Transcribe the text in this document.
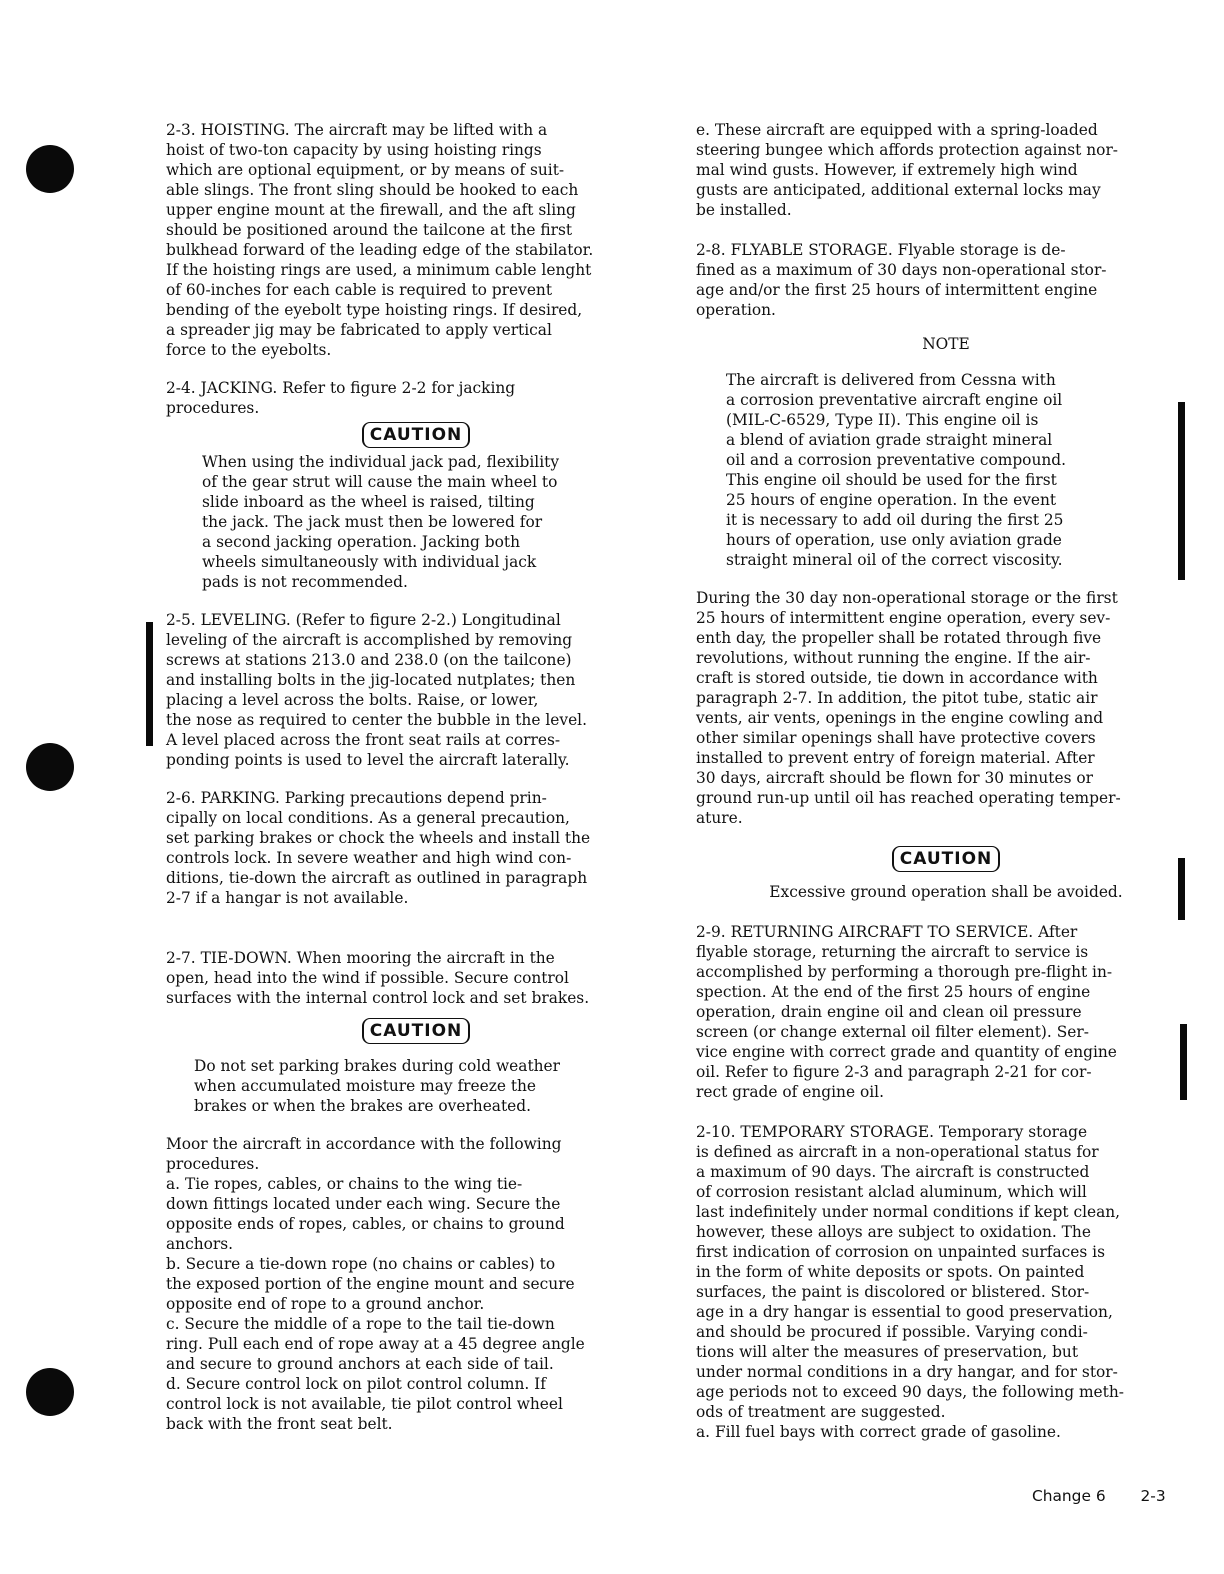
2-3. HOISTING. The aircraft may be lifted with a

hoist of two-ton capacity by using hoisting rings

which are optional equipment, or by means of suit-

able slings. The front sling should be hooked to each

upper engine mount at the firewall, and the aft sling

should be positioned around the tailcone at the first

bulkhead forward of the leading edge of the stabilator.

If the hoisting rings are used, a minimum cable lenght

of 60-inches for each cable is required to prevent

bending of the eyebolt type hoisting rings. If desired,

a spreader jig may be fabricated to apply vertical

force to the eyebolts.

2-4. JACKING. Refer to figure 2-2 for jacking

procedures.

CAUTION

When using the individual jack pad, flexibility

of the gear strut will cause the main wheel to

slide inboard as the wheel is raised, tilting

the jack. The jack must then be lowered for

a second jacking operation. Jacking both

wheels simultaneously with individual jack

pads is not recommended.

2-5. LEVELING. (Refer to figure 2-2.) Longitudinal

leveling of the aircraft is accomplished by removing

screws at stations 213.0 and 238.0 (on the tailcone)

and installing bolts in the jig-located nutplates; then

placing a level across the bolts. Raise, or lower,

the nose as required to center the bubble in the level.

A level placed across the front seat rails at corres-

ponding points is used to level the aircraft laterally.

2-6. PARKING. Parking precautions depend prin-

cipally on local conditions. As a general precaution,

set parking brakes or chock the wheels and install the

controls lock. In severe weather and high wind con-

ditions, tie-down the aircraft as outlined in paragraph

2-7 if a hangar is not available.

2-7. TIE-DOWN. When mooring the aircraft in the

open, head into the wind if possible. Secure control

surfaces with the internal control lock and set brakes.

CAUTION

Do not set parking brakes during cold weather

when accumulated moisture may freeze the

brakes or when the brakes are overheated.

Moor the aircraft in accordance with the following

procedures.

a. Tie ropes, cables, or chains to the wing tie-

down fittings located under each wing. Secure the

opposite ends of ropes, cables, or chains to ground

anchors.

b. Secure a tie-down rope (no chains or cables) to

the exposed portion of the engine mount and secure

opposite end of rope to a ground anchor.

c. Secure the middle of a rope to the tail tie-down

ring. Pull each end of rope away at a 45 degree angle

and secure to ground anchors at each side of tail.

d. Secure control lock on pilot control column. If

control lock is not available, tie pilot control wheel

back with the front seat belt.

e. These aircraft are equipped with a spring-loaded

steering bungee which affords protection against nor-

mal wind gusts. However, if extremely high wind

gusts are anticipated, additional external locks may

be installed.

2-8. FLYABLE STORAGE. Flyable storage is de-

fined as a maximum of 30 days non-operational stor-

age and/or the first 25 hours of intermittent engine

operation.

NOTE

The aircraft is delivered from Cessna with

a corrosion preventative aircraft engine oil

(MIL-C-6529, Type II). This engine oil is

a blend of aviation grade straight mineral

oil and a corrosion preventative compound.

This engine oil should be used for the first

25 hours of engine operation. In the event

it is necessary to add oil during the first 25

hours of operation, use only aviation grade

straight mineral oil of the correct viscosity.

During the 30 day non-operational storage or the first

25 hours of intermittent engine operation, every sev-

enth day, the propeller shall be rotated through five

revolutions, without running the engine. If the air-

craft is stored outside, tie down in accordance with

paragraph 2-7. In addition, the pitot tube, static air

vents, air vents, openings in the engine cowling and

other similar openings shall have protective covers

installed to prevent entry of foreign material. After

30 days, aircraft should be flown for 30 minutes or

ground run-up until oil has reached operating temper-

ature.

CAUTION

Excessive ground operation shall be avoided.

2-9. RETURNING AIRCRAFT TO SERVICE. After

flyable storage, returning the aircraft to service is

accomplished by performing a thorough pre-flight in-

spection. At the end of the first 25 hours of engine

operation, drain engine oil and clean oil pressure

screen (or change external oil filter element). Ser-

vice engine with correct grade and quantity of engine

oil. Refer to figure 2-3 and paragraph 2-21 for cor-

rect grade of engine oil.

2-10. TEMPORARY STORAGE. Temporary storage

is defined as aircraft in a non-operational status for

a maximum of 90 days. The aircraft is constructed

of corrosion resistant alclad aluminum, which will

last indefinitely under normal conditions if kept clean,

however, these alloys are subject to oxidation. The

first indication of corrosion on unpainted surfaces is

in the form of white deposits or spots. On painted

surfaces, the paint is discolored or blistered. Stor-

age in a dry hangar is essential to good preservation,

and should be procured if possible. Varying condi-

tions will alter the measures of preservation, but

under normal conditions in a dry hangar, and for stor-

age periods not to exceed 90 days, the following meth-

ods of treatment are suggested.

a. Fill fuel bays with correct grade of gasoline.

Change 6 2-3
